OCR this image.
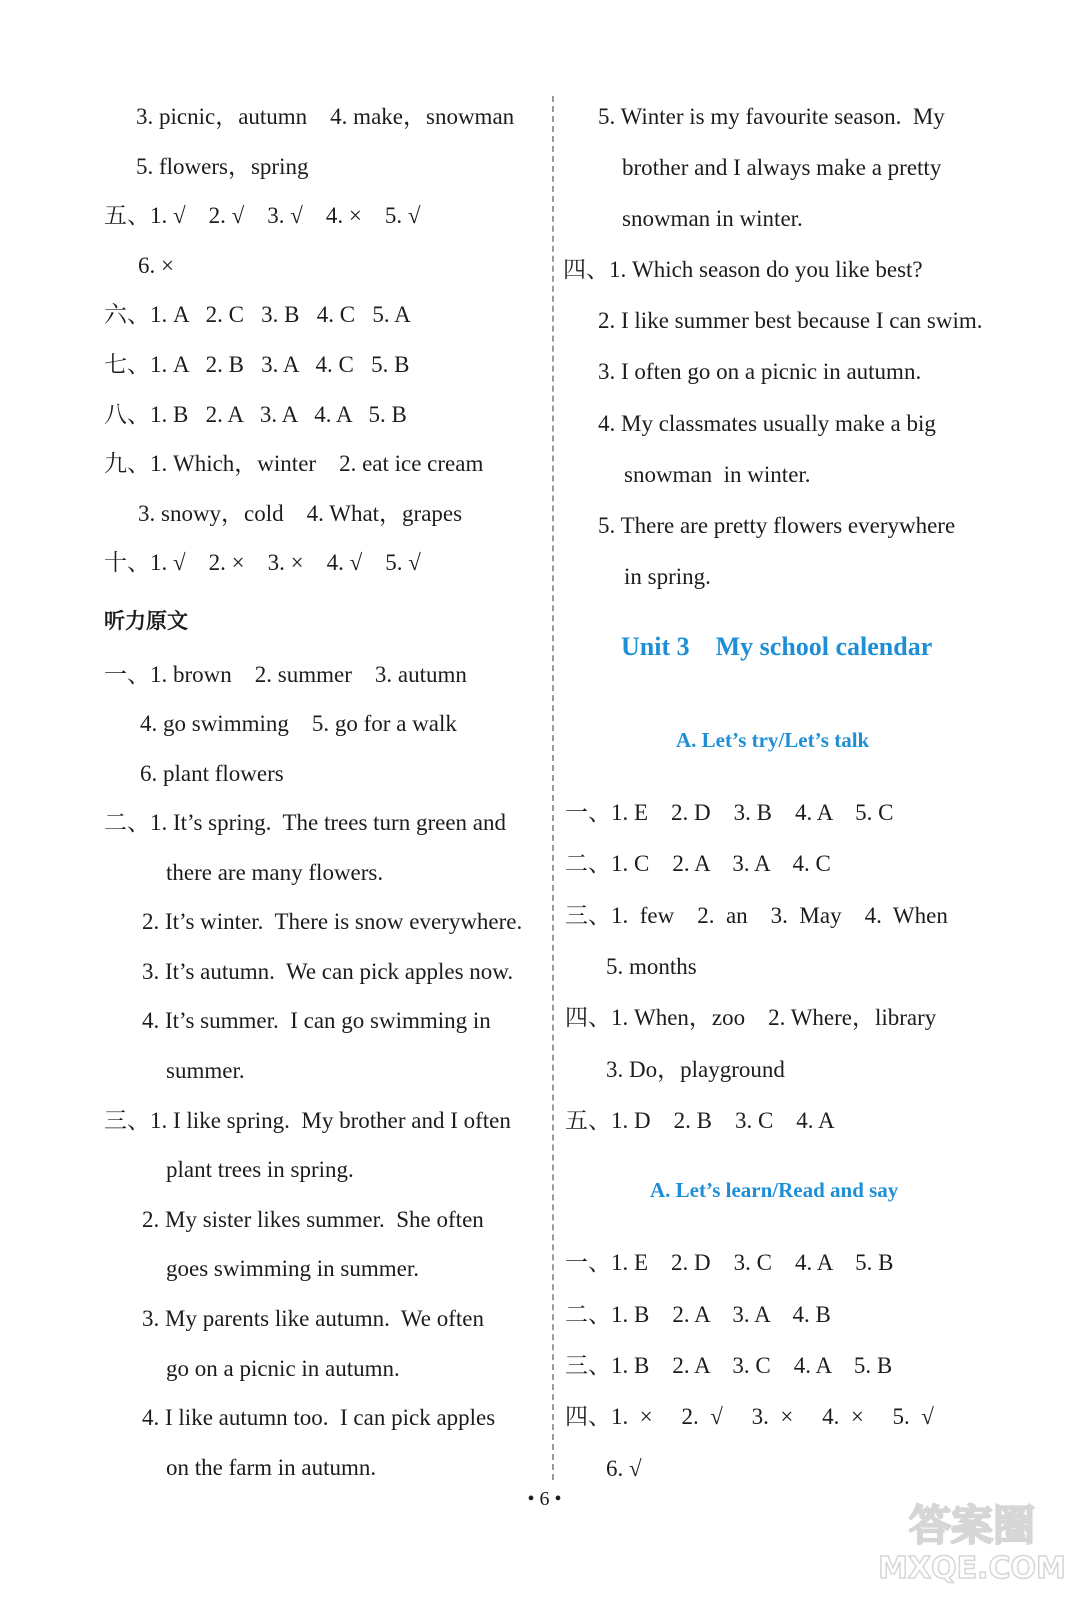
3. picnic，autumn    4. make，snowman
5. flowers，spring
五、1. √    2. √    3. √    4. ×    5. √
6. ×
六、1. A   2. C   3. B   4. C   5. A
七、1. A   2. B   3. A   4. C   5. B
八、1. B   2. A   3. A   4. A   5. B
九、1. Which，winter    2. eat ice cream
3. snowy，cold    4. What，grapes
十、1. √    2. ×    3. ×    4. √    5. √
一、1. brown    2. summer    3. autumn
4. go swimming    5. go for a walk
6. plant flowers
二、1. It’s spring.  The trees turn green and
there are many flowers.
2. It’s winter.  There is snow everywhere.
3. It’s autumn.  We can pick apples now.
4. It’s summer.  I can go swimming in
summer.
三、1. I like spring.  My brother and I often
plant trees in spring.
2. My sister likes summer.  She often
goes swimming in summer.
3. My parents like autumn.  We often
go on a picnic in autumn.
4. I like autumn too.  I can pick apples
on the farm in autumn.
5. Winter is my favourite season.  My
brother and I always make a pretty
snowman in winter.
四、1. Which season do you like best?
2. I like summer best because I can swim.
3. I often go on a picnic in autumn.
4. My classmates usually make a big
snowman  in winter.
5. There are pretty flowers everywhere
in spring.
一、1. E    2. D    3. B    4. A    5. C
二、1. C    2. A    3. A    4. C
三、1.  few    2.  an    3.  May    4.  When
5. months
四、1. When，zoo    2. Where，library
3. Do，playground
五、1. D    2. B    3. C    4. A
一、1. E    2. D    3. C    4. A    5. B
二、1. B    2. A    3. A    4. B
三、1. B    2. A    3. C    4. A    5. B
四、1.  ×     2.  √     3.  ×     4.  ×     5.  √
6. √
听力原文
Unit 3    My school calendar
A. Let’s try/Let’s talk
A. Let’s learn/Read and say
• 6 •
答案圈
MXQE.COM
